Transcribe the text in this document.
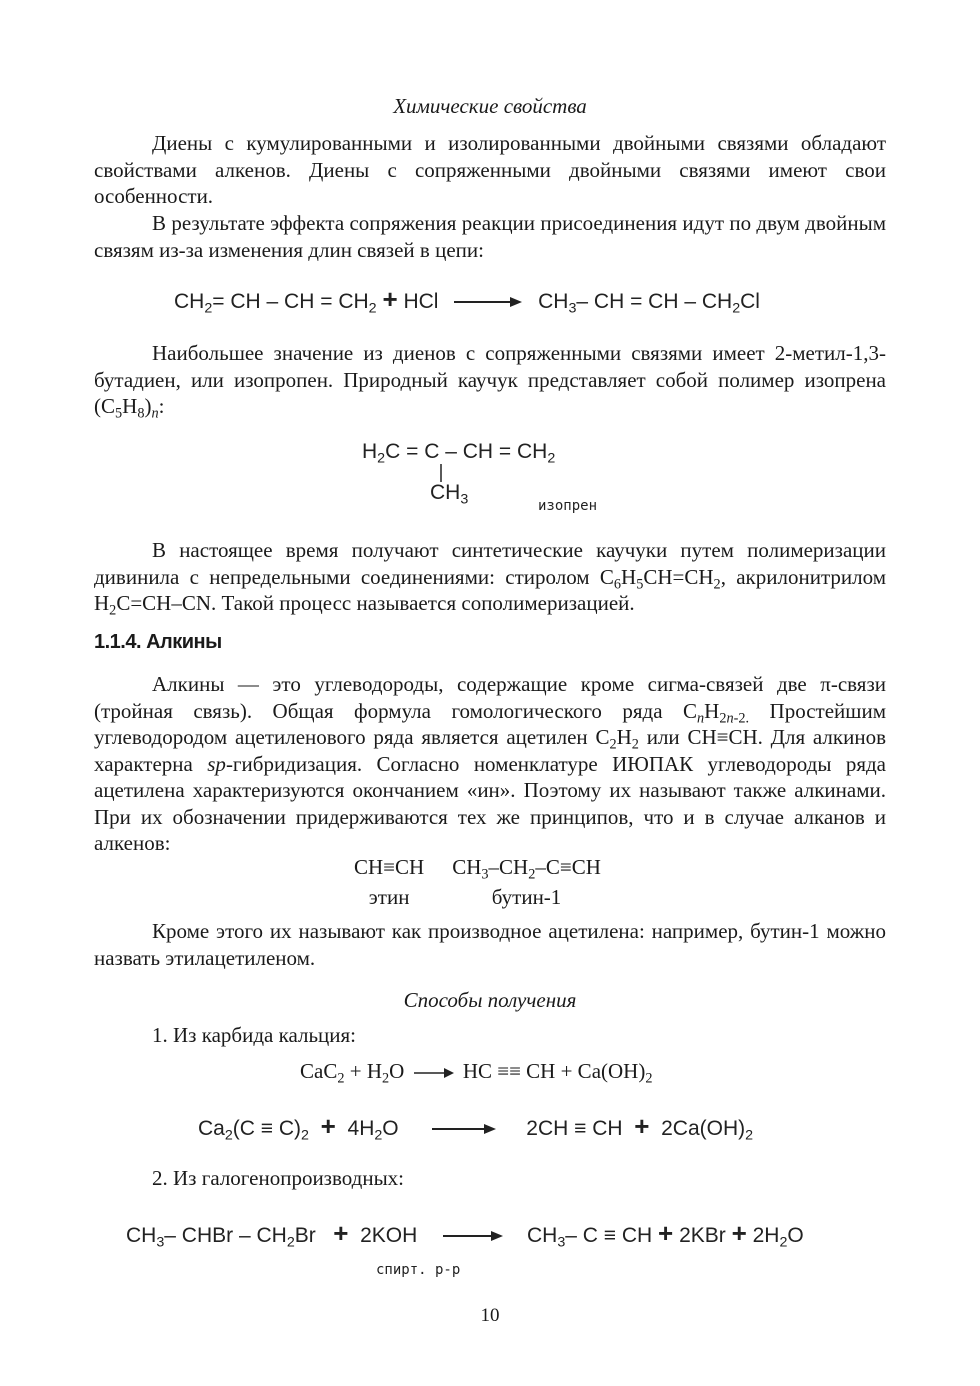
Химические свойства

Диены с кумулированными и изолированными двойными связями обладают свойствами алкенов. Диены с сопряженными двойными связями имеют свои особенности.

В результате эффекта сопряжения реакции присоединения идут по двум двойным связям из-за изменения длин связей в цепи:

$CH_2=$ CH – CH = $CH_2$ + HCl → $CH_3-$ CH = CH – $CH_2Cl$

Наибольшее значение из диенов с сопряженными связями имеет 2-метил-1,3-бутадиен, или изопропен. Природный каучук представляет собой полимер изопрена $(C_5H_8)_n$:

$H_2C = C$ – CH = $CH_2$
$CH_3$	изопрен

В настоящее время получают синтетические каучуки путем полимеризации дивинила с непредельными соединениями: стиролом $C_6H_5CH=CH_2$, акрилонитрилом $H_2C=CH-CN$. Такой процесс называется сополимеризацией.

1.1.4. Алкины

Алкины — это углеводороды, содержащие кроме сигма-связей две π-связи (тройная связь). Общая формула гомологического ряда $C_nH_{2n-2.}$ Простейшим углеводородом ацетиленового ряда является ацетилен $C_2H_2$ или CH≡CH. Для алкинов характерна sp-гибридизация. Согласно номенклатуре ИЮПАК углеводороды ряда ацетилена характеризуются окончанием «ин». Поэтому их называют также алкинами. При их обозначении придерживаются тех же принципов, что и в случае алканов и алкенов:

CH≡CH	$CH_3-CH_2-C\equiv CH$
этин	бутин-1

Кроме этого их называют как производное ацетилена: например, бутин-1 можно назвать этилацетиленом.

Способы получения
1. Из карбида кальция:
$CaC_2 + H_2O$ → HC ≡≡ CH + $Ca(OH)_2$
$Ca_2(C \equiv C)_2 + 4H_2O \to 2CH$ ≡ CH  +  $2Ca(OH)_2$
2. Из галогенопроизводных:
$CH_3-$ CHBr – $CH_2Br + 2KOH \to CH_3-$ C ≡ CH + $2KBr + 2H_2O$
спирт. р-р
10
